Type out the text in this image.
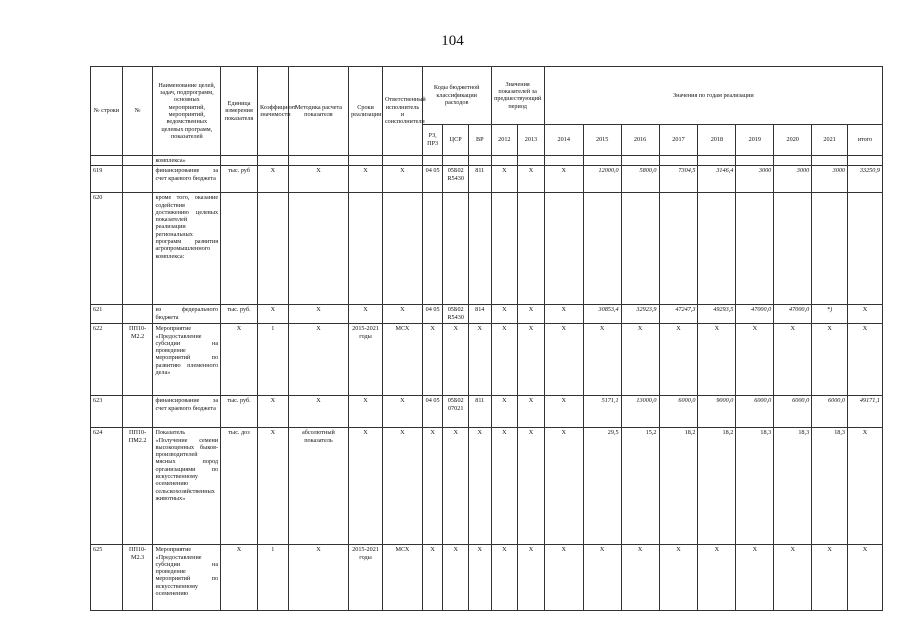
104
№ строки	№	Наименование целей, задач, подпрограмм, основных мероприятий, мероприятий, ведомственных целевых программ, показателей	Единица измерения показателя	Коэффициент значимости	Методика расчета показателя	Сроки реализации	Ответственный исполнитель и соисполнители	Коды бюджетной классификации расходов			Значения показателей за предшествующий период		Значения по годам реализации								
								РЗ, ПР3	ЦСР	ВР	2012	2013	2014	2015	2016	2017	2018	2019	2020	2021	итого
		комплекса»																			
619		финансирование за счет краевого бюджета	тыс. руб	X	X	X	X	04 05	05Б02 R5430	811	X	X	X	12000,0	5800,0	7304,5	3146,4	3000	3000	3000	33250,9
620		кроме того, оказание содействия достижению целевых показателей реализации региональных программ развития агропромышленного комплекса:																			
621		из федерального бюджета	тыс. руб.	X	X	X	X	04 05	05Б02 R5430	814	X	X	X	30853,4	32923,9	47247,3	49293,5	47000,0	47000,0	*)	X
622	ПП10-М2.2	Мероприятие «Предоставление субсидии на проведение мероприятий по развитию племенного дела»	X	1	X	2015-2021 годы	МСХ	X	X	X	X	X	X	X	X	X	X	X	X	X	X
623		финансирование за счет краевого бюджета	тыс. руб.	X	X	X	X	04 05	05Б02 07021	811	X	X	X	5171,1	13000,0	6000,0	9000,0	6000,0	6000,0	6000,0	49171,1
624	ПП10-ПМ2.2	Показатель «Получение семени высокоценных быков-производителей мясных пород организациями по искусственному осеменению сельскохозяйственных животных»	тыс. доз	X	абсолютный показатель	X	X	X	X	X	X	X	X	29,5	15,2	18,2	18,2	18,3	18,3	18,3	X
625	ПП10-М2.3	Мероприятие «Предоставление субсидии на проведение мероприятий по искусственному осеменению	X	1	X	2015-2021 годы	МСХ	X	X	X	X	X	X	X	X	X	X	X	X	X	X
